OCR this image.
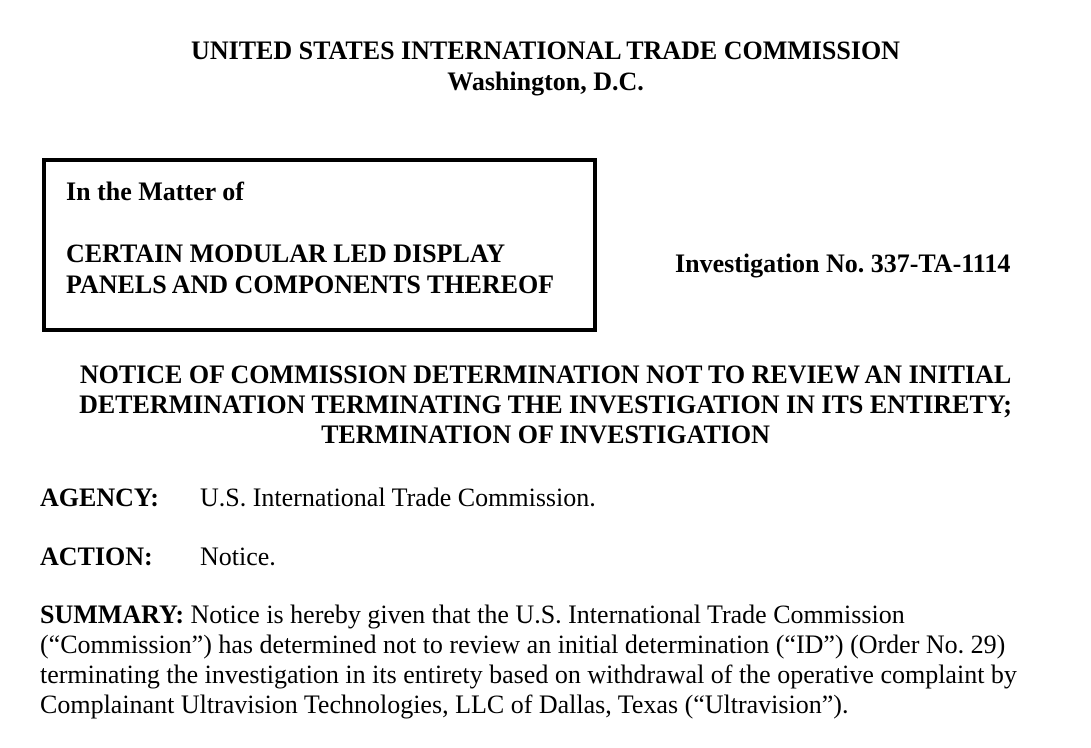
UNITED STATES INTERNATIONAL TRADE COMMISSION
Washington, D.C.
In the Matter of
CERTAIN MODULAR LED DISPLAY
PANELS AND COMPONENTS THEREOF
Investigation No. 337-TA-1114
NOTICE OF COMMISSION DETERMINATION NOT TO REVIEW AN INITIAL
DETERMINATION TERMINATING THE INVESTIGATION IN ITS ENTIRETY;
TERMINATION OF INVESTIGATION
AGENCY: U.S. International Trade Commission.
ACTION: Notice.
SUMMARY: Notice is hereby given that the U.S. International Trade Commission
(“Commission”) has determined not to review an initial determination (“ID”) (Order No. 29)
terminating the investigation in its entirety based on withdrawal of the operative complaint by
Complainant Ultravision Technologies, LLC of Dallas, Texas (“Ultravision”).
